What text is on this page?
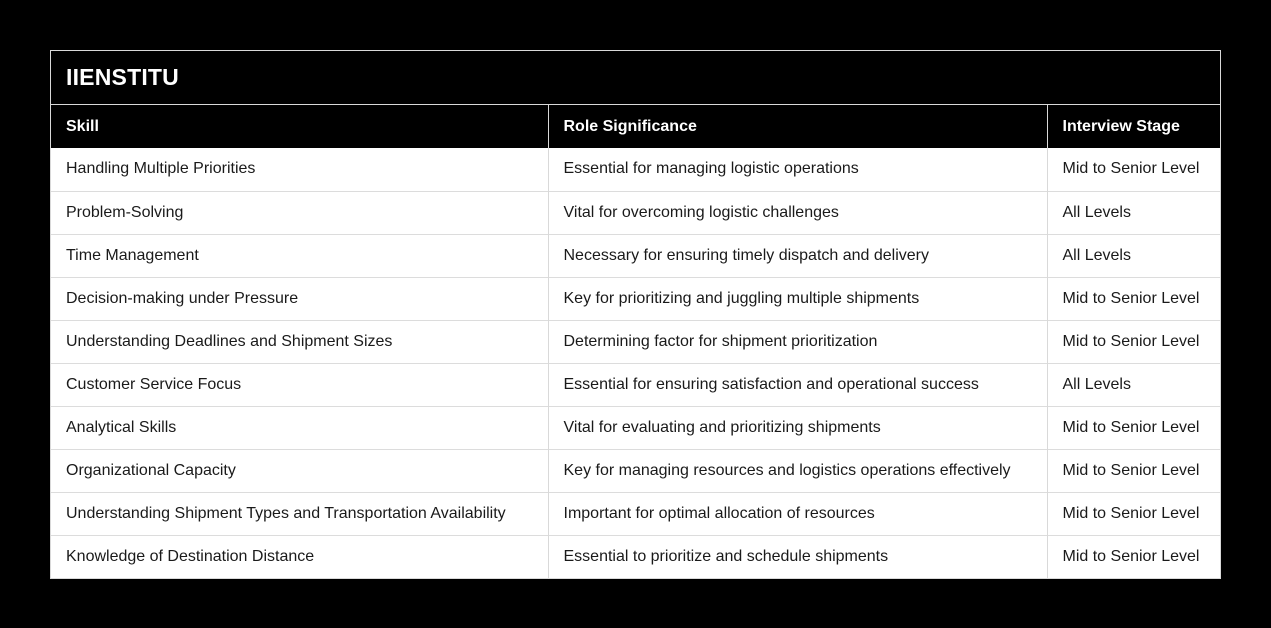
IIENSTITU
Skill	Role Significance	Interview Stage
Handling Multiple Priorities	Essential for managing logistic operations	Mid to Senior Level
Problem-Solving	Vital for overcoming logistic challenges	All Levels
Time Management	Necessary for ensuring timely dispatch and delivery	All Levels
Decision-making under Pressure	Key for prioritizing and juggling multiple shipments	Mid to Senior Level
Understanding Deadlines and Shipment Sizes	Determining factor for shipment prioritization	Mid to Senior Level
Customer Service Focus	Essential for ensuring satisfaction and operational success	All Levels
Analytical Skills	Vital for evaluating and prioritizing shipments	Mid to Senior Level
Organizational Capacity	Key for managing resources and logistics operations effectively	Mid to Senior Level
Understanding Shipment Types and Transportation Availability	Important for optimal allocation of resources	Mid to Senior Level
Knowledge of Destination Distance	Essential to prioritize and schedule shipments	Mid to Senior Level
